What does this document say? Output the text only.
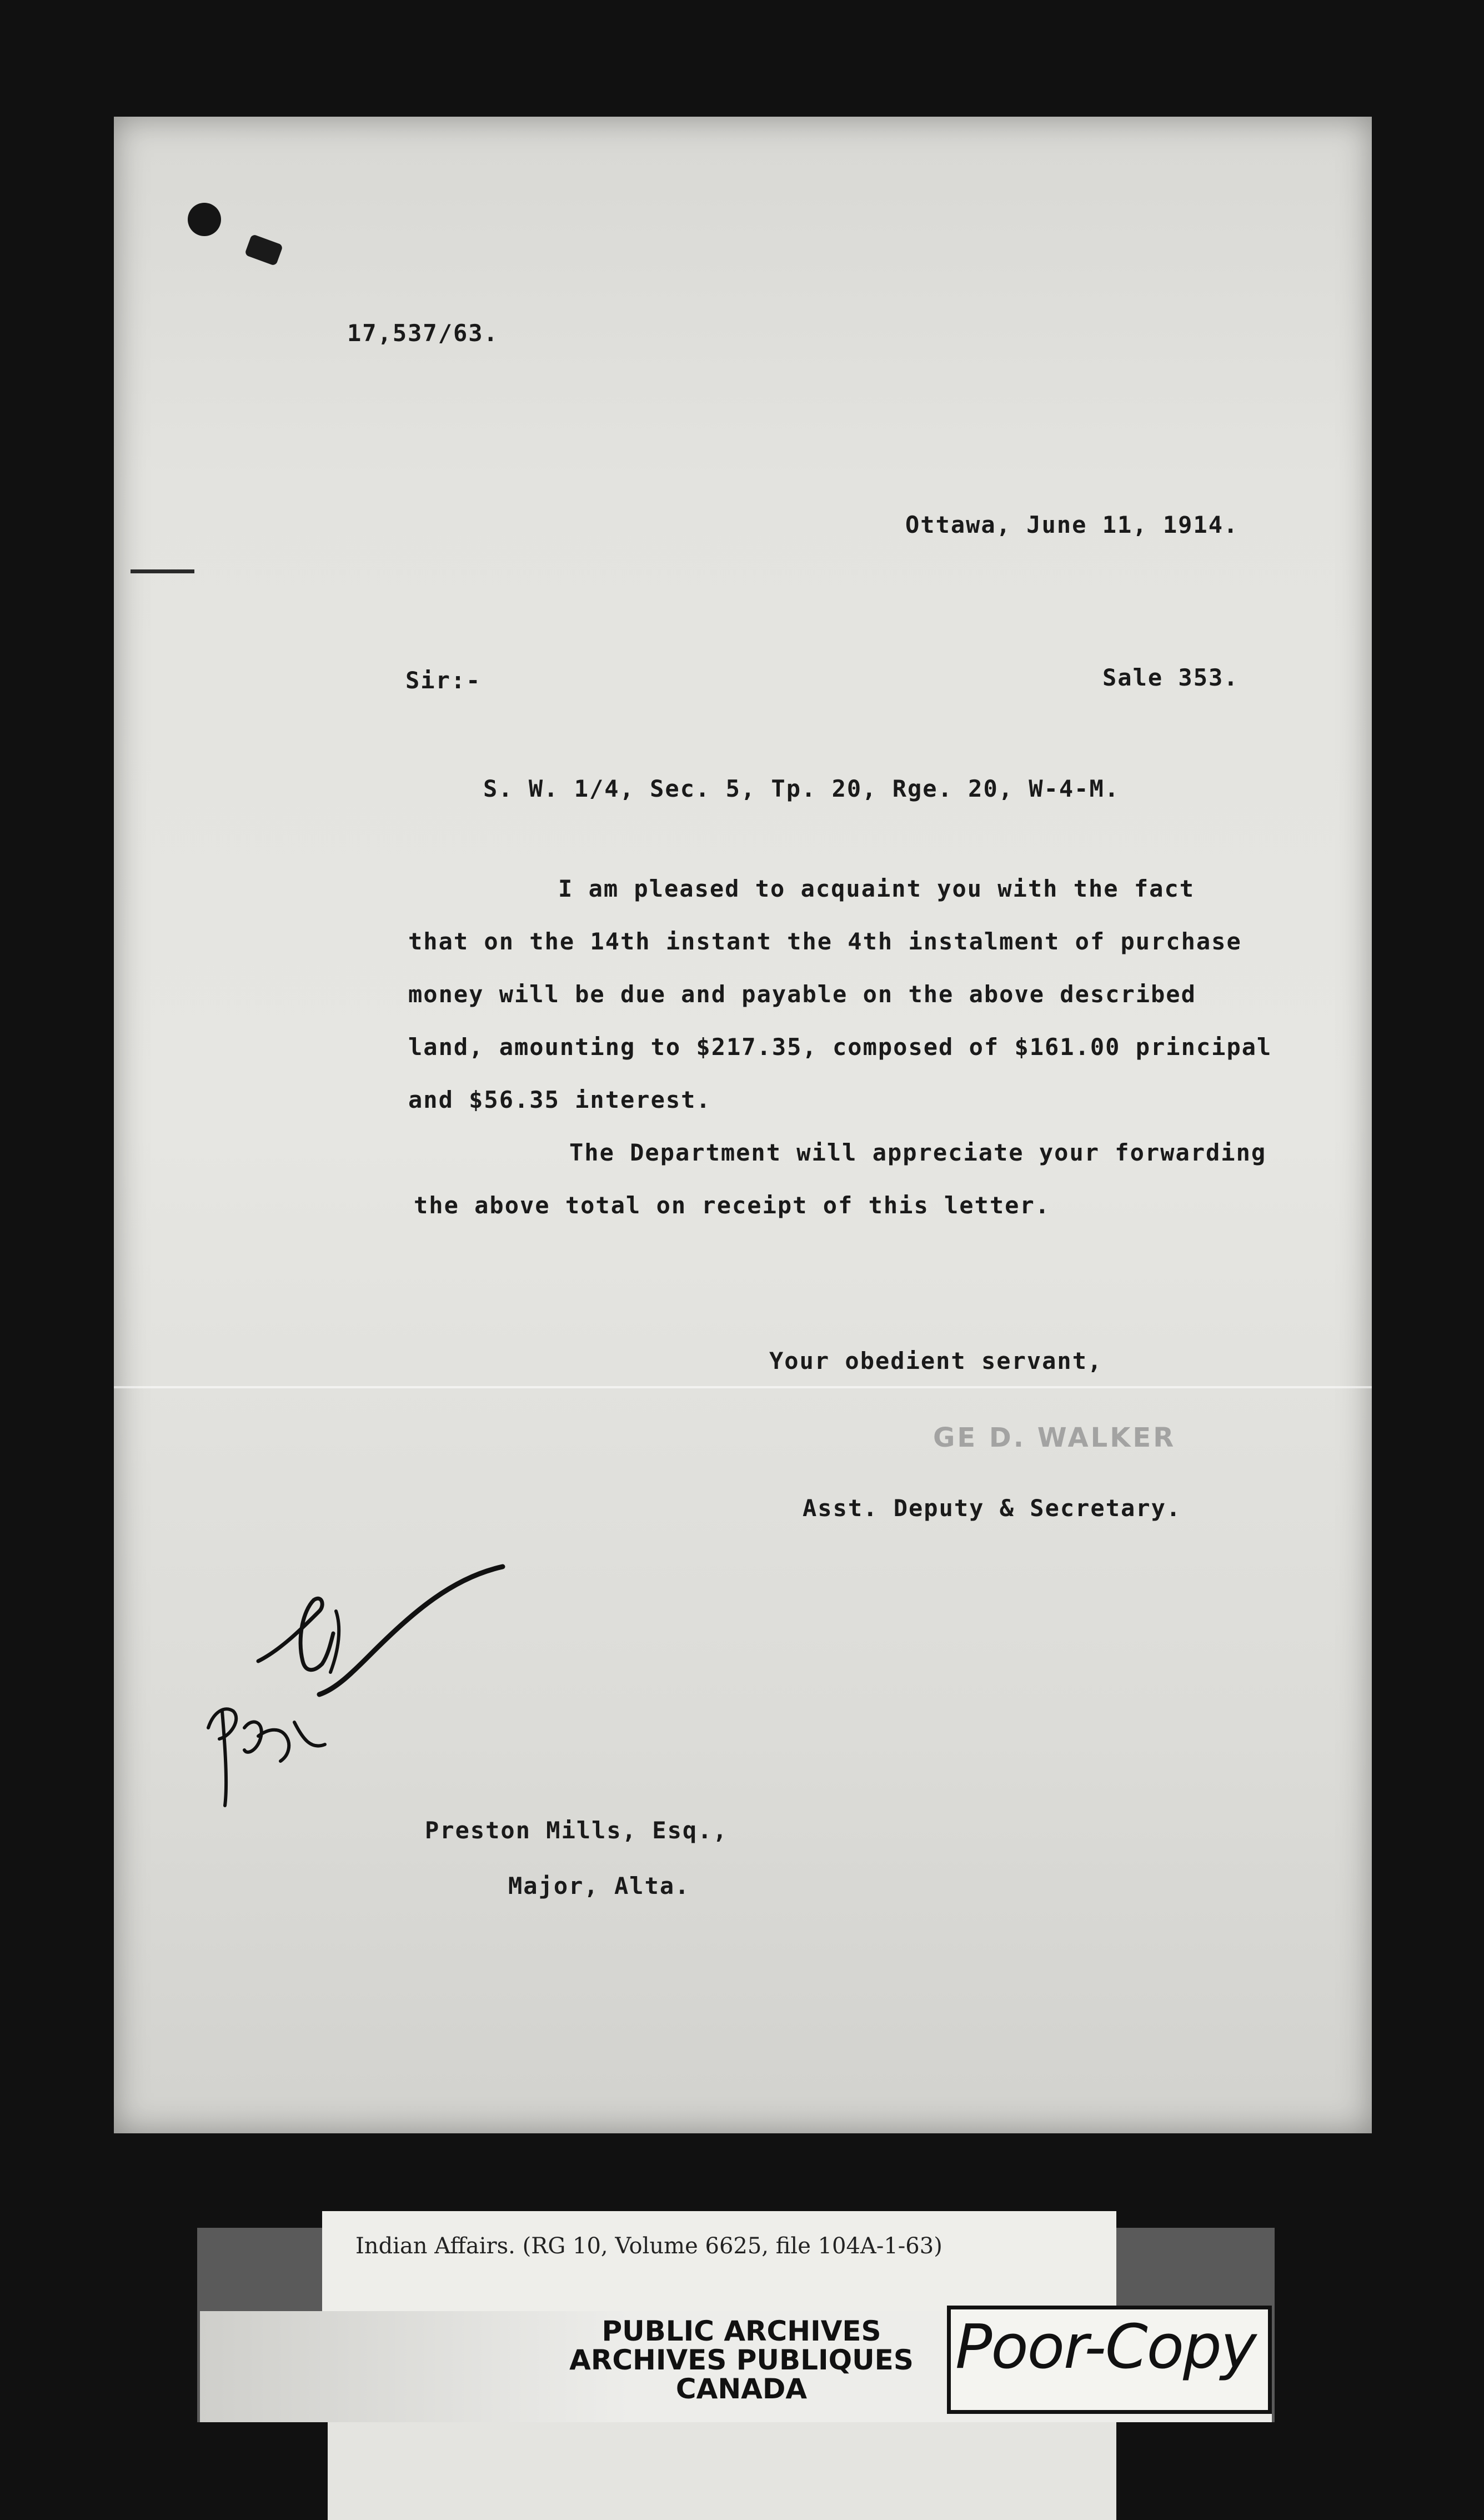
17,537/63.
Ottawa, June 11, 1914.
Sir:-	Sale 353.
S. W. 1/4, Sec. 5, Tp. 20, Rge. 20, W-4-M.
I am pleased to acquaint you with the fact
that on the 14th instant the 4th instalment of purchase
money will be due and payable on the above described
land, amounting to $217.35, composed of $161.00 principal
and $56.35 interest.
The Department will appreciate your forwarding
the above total on receipt of this letter.
Your obedient servant,
GE D. WALKER
Asst. Deputy & Secretary.
Preston Mills, Esq.,
Major, Alta.
Indian Affairs. (RG 10, Volume 6625, file 104A-1-63)
PUBLIC ARCHIVES
ARCHIVES PUBLIQUES
CANADA
Poor-Copy
